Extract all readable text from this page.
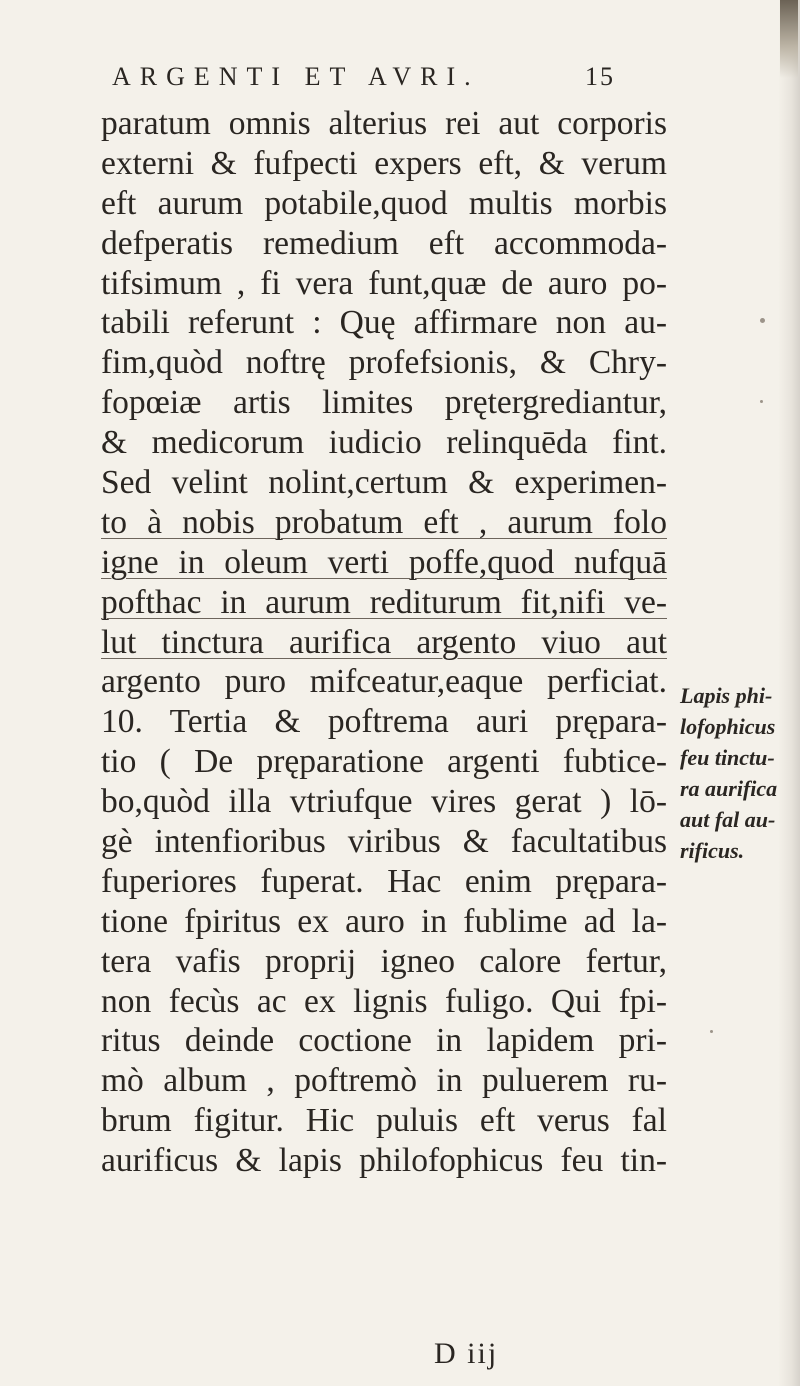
ARGENTI ET AVRI.	15
paratum omnis alterius rei aut corporis
externi & fufpecti expers eft, & verum
eft aurum potabile,quod multis morbis
defperatis remedium eft accommoda-
tifsimum , fi vera funt,quæ de auro po-
tabili referunt : Quę affirmare non au-
fim,quòd noftrę profefsionis, & Chry-
fopœiæ artis limites prętergrediantur,
& medicorum iudicio relinquēda fint.
Sed velint nolint,certum & experimen-
to à nobis probatum eft , aurum folo
igne in oleum verti poffe,quod nufquā
pofthac in aurum rediturum fit,nifi ve-
lut tinctura aurifica argento viuo aut
argento puro mifceatur,eaque perficiat.
10. Tertia & poftrema auri prępara-
tio ( De pręparatione argenti fubtice-
bo,quòd illa vtriufque vires gerat ) lō-
gè intenfioribus viribus & facultatibus
fuperiores fuperat. Hac enim prępara-
tione fpiritus ex auro in fublime ad la-
tera vafis proprij igneo calore fertur,
non fecùs ac ex lignis fuligo. Qui fpi-
ritus deinde coctione in lapidem pri-
mò album , poftremò in puluerem ru-
brum figitur. Hic puluis eft verus fal
aurificus & lapis philofophicus feu tin-
Lapis phi-
lofophicus
feu tinctu-
ra aurifica
aut fal au-
rificus.
D iij
